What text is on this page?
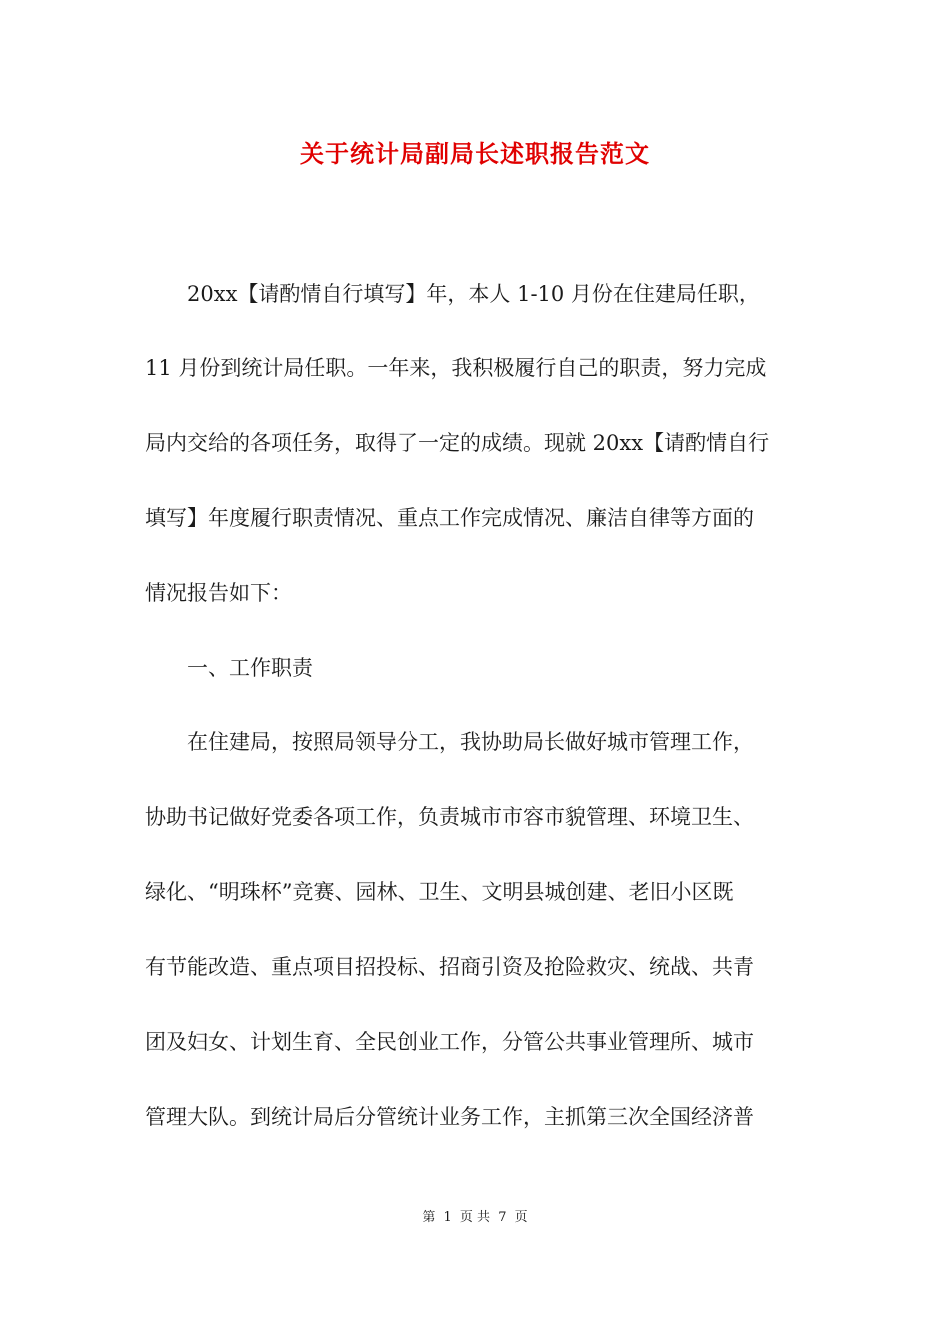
关于统计局副局长述职报告范文

　　20xx【请酌情自行填写】年，本人 1-10 月份在住建局任职，

11 月份到统计局任职。一年来，我积极履行自己的职责，努力完成

局内交给的各项任务，取得了一定的成绩。现就 20xx【请酌情自行

填写】年度履行职责情况、重点工作完成情况、廉洁自律等方面的

情况报告如下：

　　一、工作职责

　　在住建局，按照局领导分工，我协助局长做好城市管理工作，

协助书记做好党委各项工作，负责城市市容市貌管理、环境卫生、

绿化、“明珠杯”竞赛、园林、卫生、文明县城创建、老旧小区既

有节能改造、重点项目招投标、招商引资及抢险救灾、统战、共青

团及妇女、计划生育、全民创业工作，分管公共事业管理所、城市

管理大队。到统计局后分管统计业务工作，主抓第三次全国经济普

第 1 页 共 7 页
